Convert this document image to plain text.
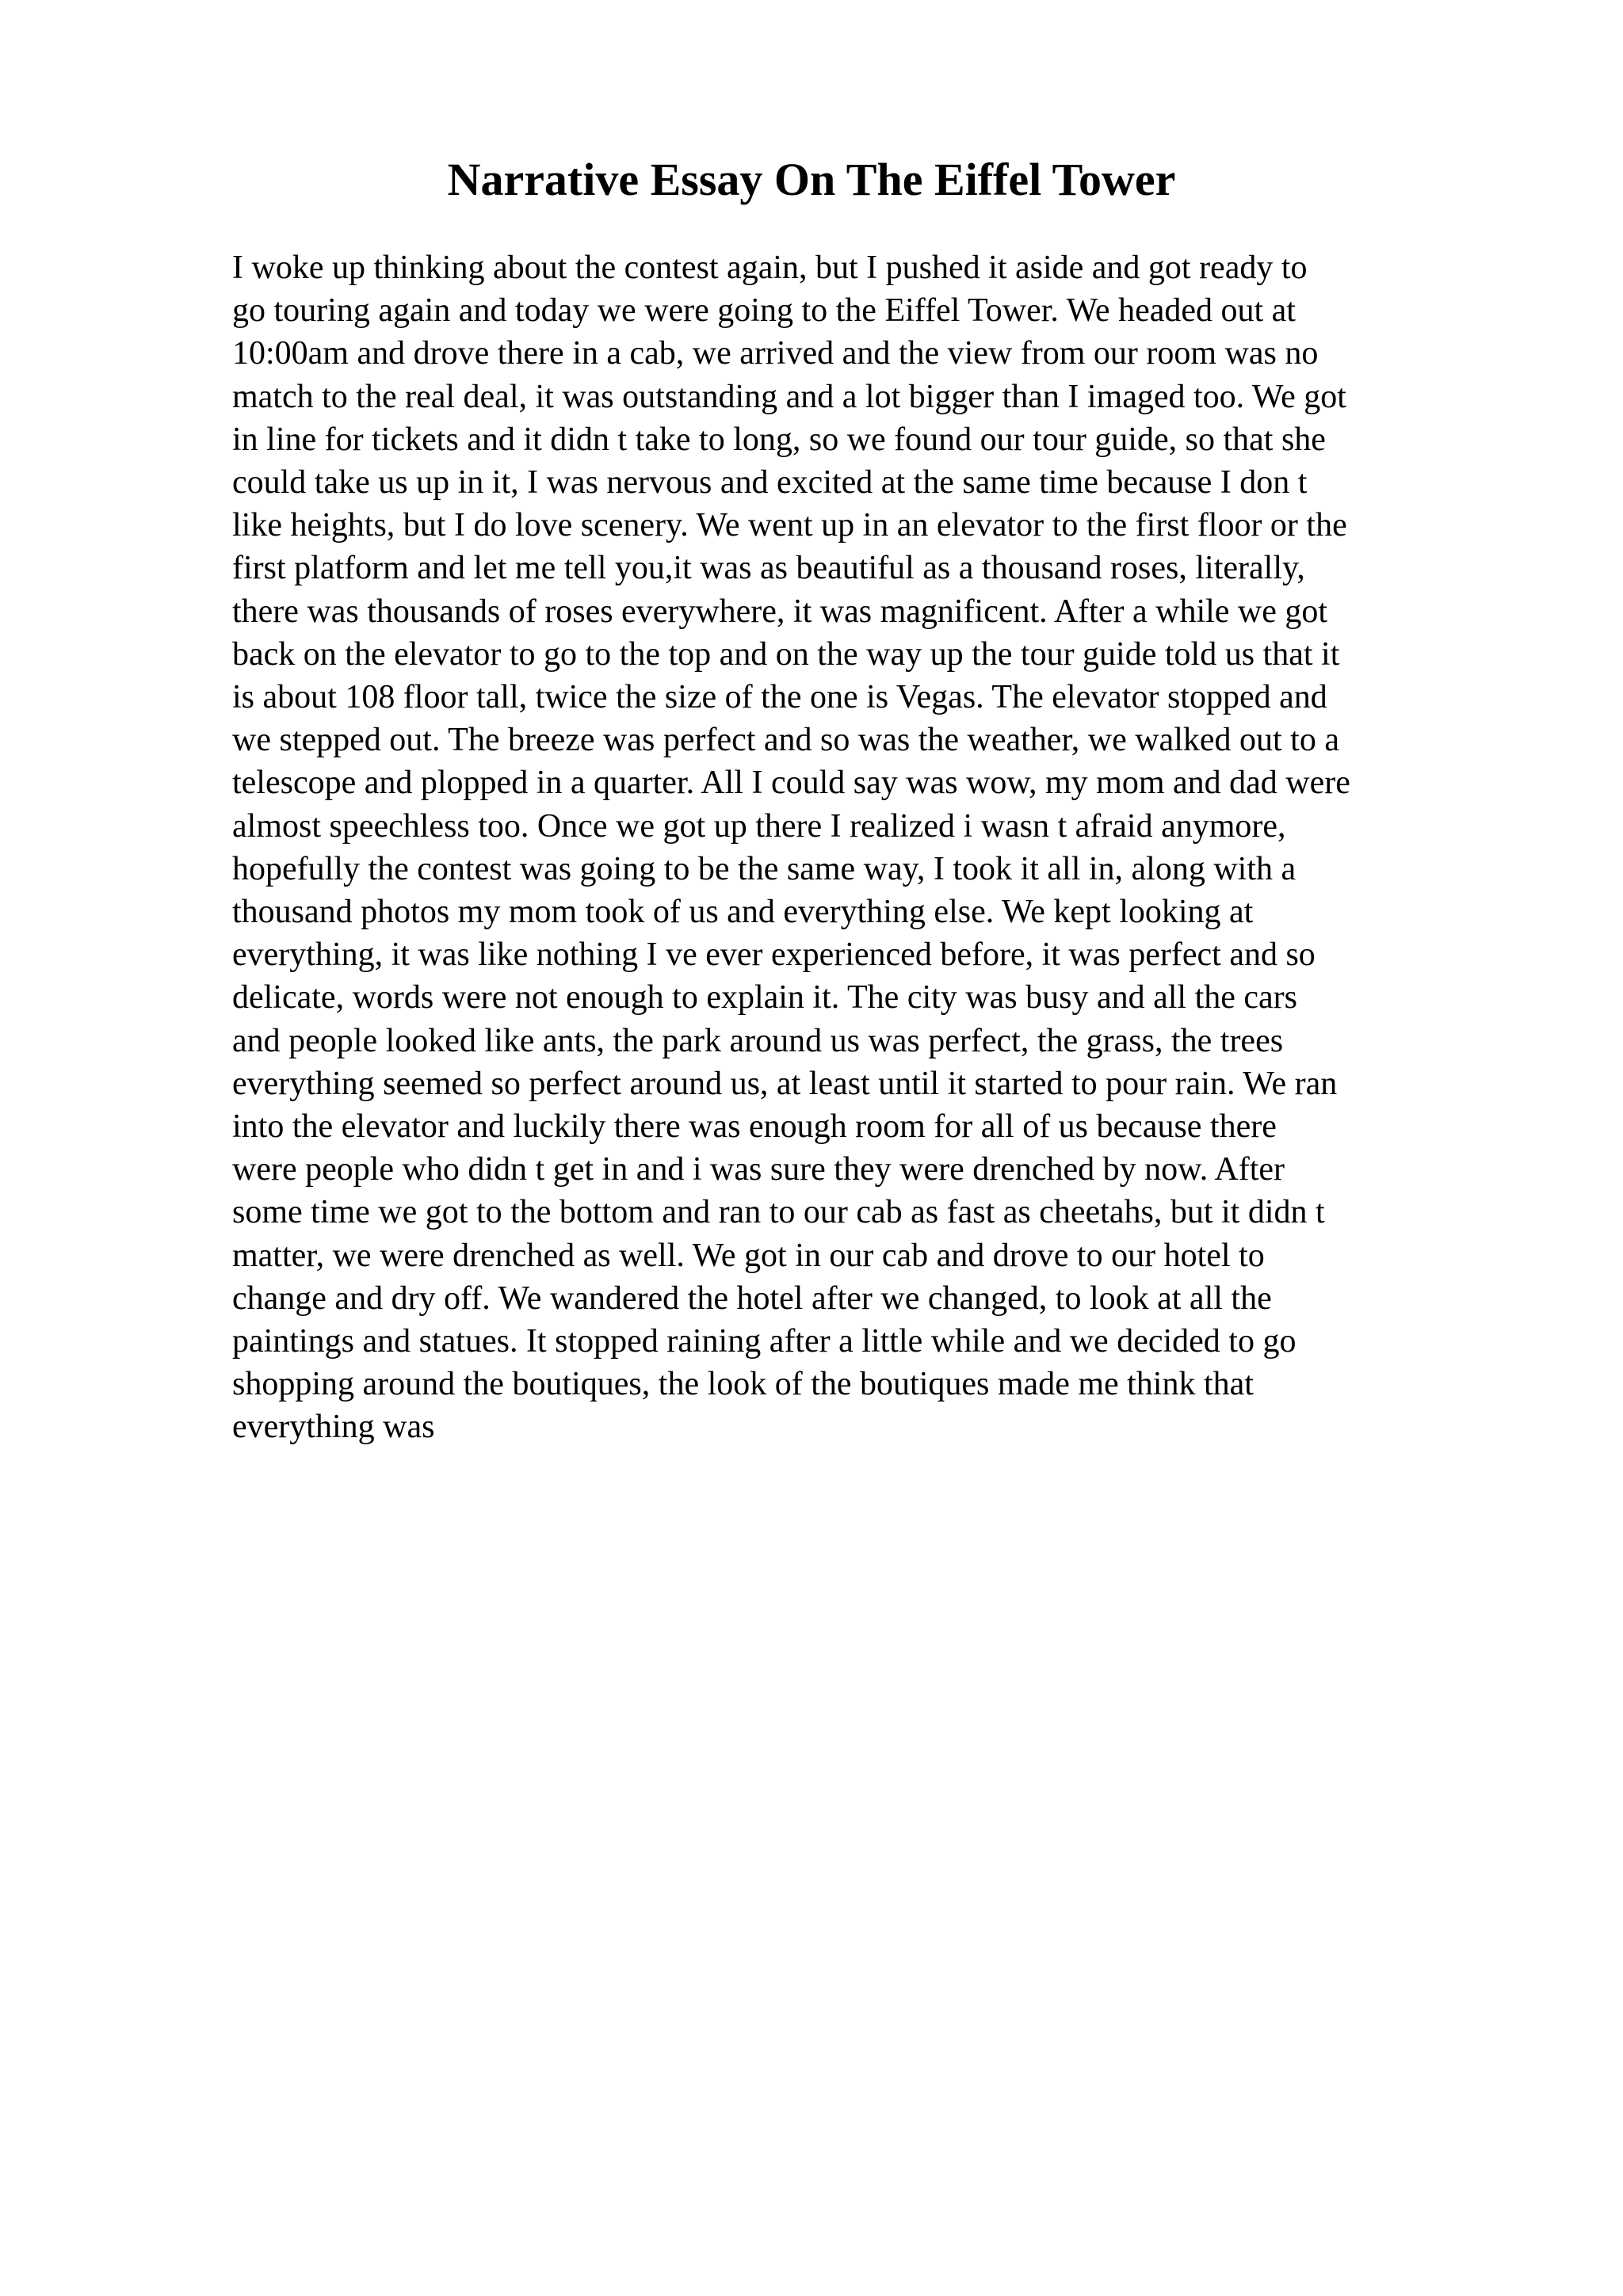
Narrative Essay On The Eiffel Tower
I woke up thinking about the contest again, but I pushed it aside and got ready to
go touring again and today we were going to the Eiffel Tower. We headed out at
10:00am and drove there in a cab, we arrived and the view from our room was no
match to the real deal, it was outstanding and a lot bigger than I imaged too. We got
in line for tickets and it didn t take to long, so we found our tour guide, so that she
could take us up in it, I was nervous and excited at the same time because I don t
like heights, but I do love scenery. We went up in an elevator to the first floor or the
first platform and let me tell you,it was as beautiful as a thousand roses, literally,
there was thousands of roses everywhere, it was magnificent. After a while we got
back on the elevator to go to the top and on the way up the tour guide told us that it
is about 108 floor tall, twice the size of the one is Vegas. The elevator stopped and
we stepped out. The breeze was perfect and so was the weather, we walked out to a
telescope and plopped in a quarter. All I could say was wow, my mom and dad were
almost speechless too. Once we got up there I realized i wasn t afraid anymore,
hopefully the contest was going to be the same way, I took it all in, along with a
thousand photos my mom took of us and everything else. We kept looking at
everything, it was like nothing I ve ever experienced before, it was perfect and so
delicate, words were not enough to explain it. The city was busy and all the cars
and people looked like ants, the park around us was perfect, the grass, the trees
everything seemed so perfect around us, at least until it started to pour rain. We ran
into the elevator and luckily there was enough room for all of us because there
were people who didn t get in and i was sure they were drenched by now. After
some time we got to the bottom and ran to our cab as fast as cheetahs, but it didn t
matter, we were drenched as well. We got in our cab and drove to our hotel to
change and dry off. We wandered the hotel after we changed, to look at all the
paintings and statues. It stopped raining after a little while and we decided to go
shopping around the boutiques, the look of the boutiques made me think that
everything was
